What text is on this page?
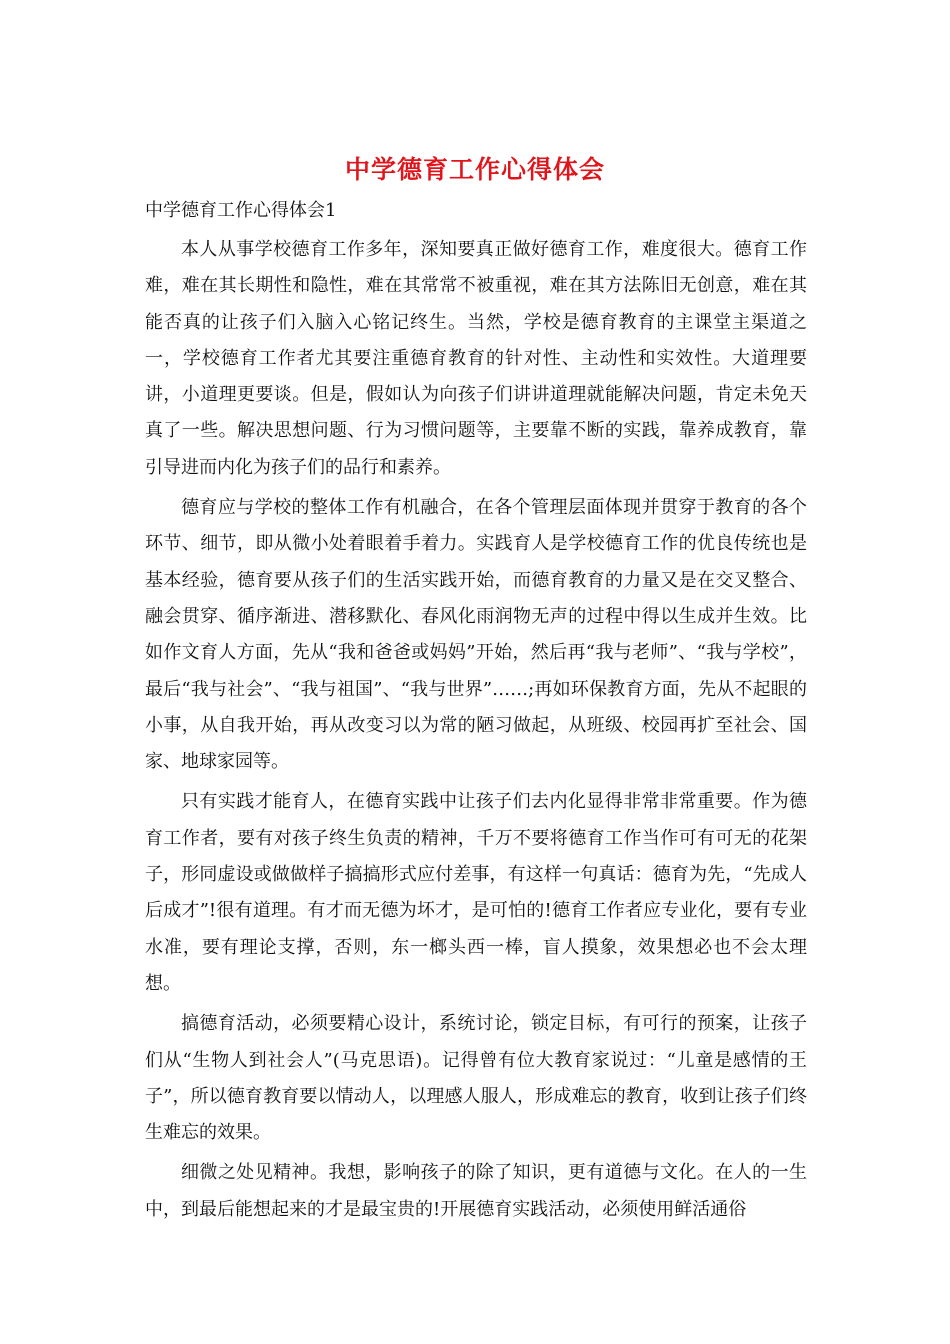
中学德育工作心得体会
中学德育工作心得体会1

本人从事学校德育工作多年，深知要真正做好德育工作，难度很大。德育工作难，难在其长期性和隐性，难在其常常不被重视，难在其方法陈旧无创意，难在其能否真的让孩子们入脑入心铭记终生。当然，学校是德育教育的主课堂主渠道之一，学校德育工作者尤其要注重德育教育的针对性、主动性和实效性。大道理要讲，小道理更要谈。但是，假如认为向孩子们讲讲道理就能解决问题，肯定未免天真了一些。解决思想问题、行为习惯问题等，主要靠不断的实践，靠养成教育，靠引导进而内化为孩子们的品行和素养。

德育应与学校的整体工作有机融合，在各个管理层面体现并贯穿于教育的各个环节、细节，即从微小处着眼着手着力。实践育人是学校德育工作的优良传统也是基本经验，德育要从孩子们的生活实践开始，而德育教育的力量又是在交叉整合、融会贯穿、循序渐进、潜移默化、春风化雨润物无声的过程中得以生成并生效。比如作文育人方面，先从“我和爸爸或妈妈”开始，然后再“我与老师”、“我与学校”，最后“我与社会”、“我与祖国”、“我与世界”……;再如环保教育方面，先从不起眼的小事，从自我开始，再从改变习以为常的陋习做起，从班级、校园再扩至社会、国家、地球家园等。

只有实践才能育人，在德育实践中让孩子们去内化显得非常非常重要。作为德育工作者，要有对孩子终生负责的精神，千万不要将德育工作当作可有可无的花架子，形同虚设或做做样子搞搞形式应付差事，有这样一句真话：德育为先，“先成人后成才”!很有道理。有才而无德为坏才，是可怕的!德育工作者应专业化，要有专业水准，要有理论支撑，否则，东一榔头西一棒，盲人摸象，效果想必也不会太理想。

搞德育活动，必须要精心设计，系统讨论，锁定目标，有可行的预案，让孩子们从“生物人到社会人”(马克思语)。记得曾有位大教育家说过：“儿童是感情的王子”，所以德育教育要以情动人，以理感人服人，形成难忘的教育，收到让孩子们终生难忘的效果。

细微之处见精神。我想，影响孩子的除了知识，更有道德与文化。在人的一生中，到最后能想起来的才是最宝贵的!开展德育实践活动，必须使用鲜活通俗
